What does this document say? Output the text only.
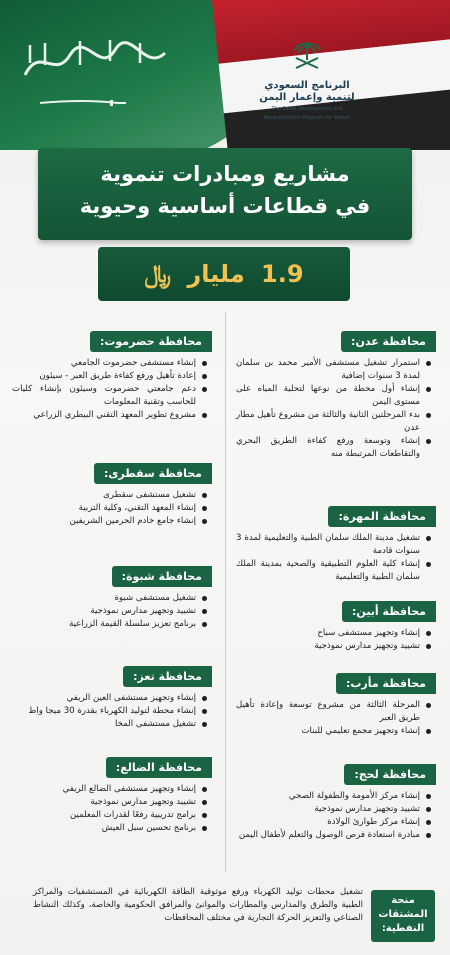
البرنامج السعودي
لتنمية وإعمار اليمن
The Saudi Development and
Reconstruction Program for Yemen
مشاريع ومبادرات تنموية
في قطاعات أساسية وحيوية
1.9 مليار ﷼
محافظة عدن:
استمرار تشغيل مستشفى الأمير محمد بن سلمان لمدة 3 سنوات إضافية
إنشاء أول محطة من نوعها لتحلية المياه على مستوى اليمن
بدء المرحلتين الثانية والثالثة من مشروع تأهيل مطار عدن
إنشاء وتوسعة ورفع كفاءة الطريق البحري والتقاطعات المرتبطة منه
محافظة المهرة:
تشغيل مدينة الملك سلمان الطبية والتعليمية لمدة 3 سنوات قادمة
إنشاء كلية العلوم التطبيقية والصحية بمدينة الملك سلمان الطبية والتعليمية
محافظة أبين:
إنشاء وتجهيز مستشفى سباح
تشييد وتجهيز مدارس نموذجية
محافظة مأرب:
المرحلة الثالثة من مشروع توسعة وإعادة تأهيل طريق العبر
إنشاء وتجهيز مجمع تعليمي للبنات
محافظة لحج:
إنشاء مركز الأمومة والطفولة الصحي
تشييد وتجهيز مدارس نموذجية
إنشاء مركز طوارئ الولادة
مبادرة استعادة فرص الوصول والتعلم لأطفال اليمن
محافظة حضرموت:
إنشاء مستشفى حضرموت الجامعي
إعادة تأهيل ورفع كفاءة طريق العبر - سيئون
دعم جامعتي حضرموت وسيئون بإنشاء كليات للحاسب وتقنية المعلومات
مشروع تطوير المعهد التقني البيطري الزراعي
محافظة سقطرى:
تشغيل مستشفى سقطرى
إنشاء المعهد التقني، وكلية التربية
إنشاء جامع خادم الحرمين الشريفين
محافظة شبوة:
تشغيل مستشفى شبوة
تشييد وتجهيز مدارس نموذجية
برنامج تعزيز سلسلة القيمة الزراعية
محافظة تعز:
إنشاء وتجهيز مستشفى العين الريفي
إنشاء محطة لتوليد الكهرباء بقدرة 30 ميجا واط
تشغيل مستشفى المخا
محافظة الضالع:
إنشاء وتجهيز مستشفى الضالع الريفي
تشييد وتجهيز مدارس نموذجية
برامج تدريبية رفعًا لقدرات المعلمين
برنامج تحسين سبل العيش
منحة المشتقات
النفطية:
تشغيل محطات توليد الكهرباء ورفع موثوقية الطاقة الكهربائية في المستشفيات والمراكز الطبية والطرق والمدارس والمطارات والموانئ والمرافق الحكومية والخاصة، وكذلك النشاط الصناعي والتعزيز الحركة التجارية في مختلف المحافظات
